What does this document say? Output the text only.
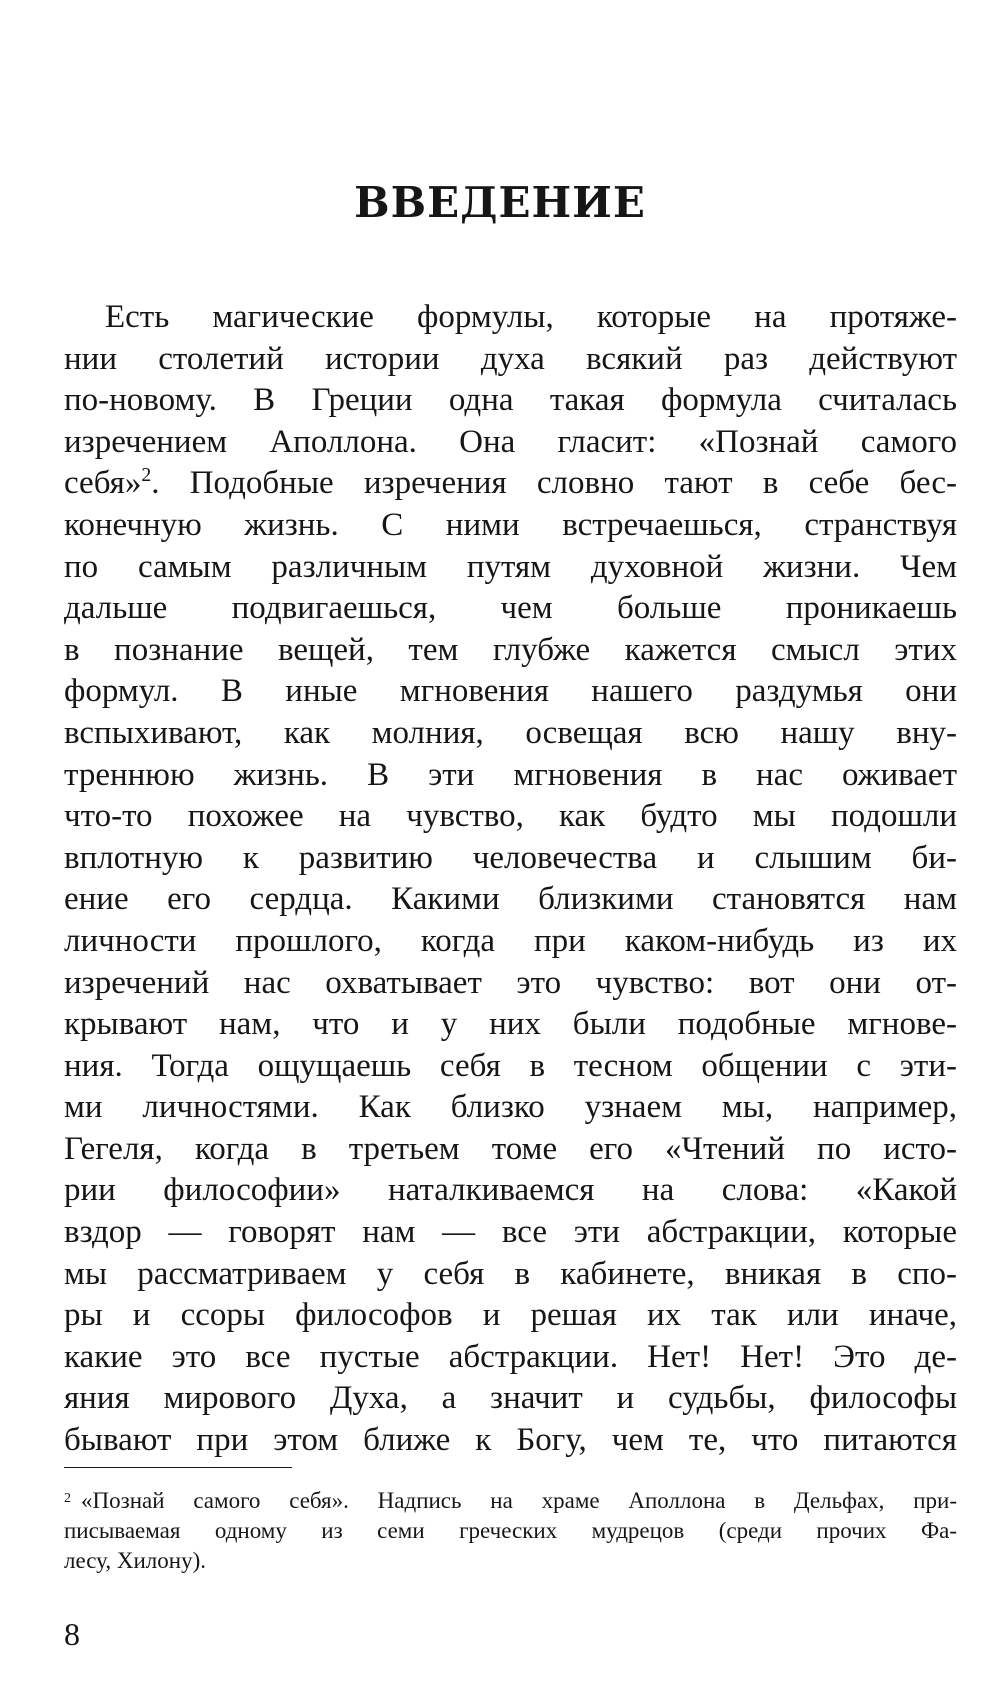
ВВЕДЕНИЕ
Есть магические формулы, которые на протяже-
нии столетий истории духа всякий раз действуют
по-новому. В Греции одна такая формула считалась
изречением Аполлона. Она гласит: «Познай самого
себя»$^2$. Подобные изречения словно тают в себе бес-
конечную жизнь. С ними встречаешься, странствуя
по самым различным путям духовной жизни. Чем
дальше подвигаешься, чем больше проникаешь
в познание вещей, тем глубже кажется смысл этих
формул. В иные мгновения нашего раздумья они
вспыхивают, как молния, освещая всю нашу вну-
треннюю жизнь. В эти мгновения в нас оживает
что-то похожее на чувство, как будто мы подошли
вплотную к развитию человечества и слышим би-
ение его сердца. Какими близкими становятся нам
личности прошлого, когда при каком-нибудь из их
изречений нас охватывает это чувство: вот они от-
крывают нам, что и у них были подобные мгнове-
ния. Тогда ощущаешь себя в тесном общении с эти-
ми личностями. Как близко узнаем мы, например,
Гегеля, когда в третьем томе его «Чтений по исто-
рии философии» наталкиваемся на слова: «Какой
вздор — говорят нам — все эти абстракции, которые
мы рассматриваем у себя в кабинете, вникая в спо-
ры и ссоры философов и решая их так или иначе,
какие это все пустые абстракции. Нет! Нет! Это де-
яния мирового Духа, а значит и судьбы, философы
бывают при этом ближе к Богу, чем те, что питаются
$^2$ «Познай самого себя». Надпись на храме Аполлона в Дельфах, при-
писываемая одному из семи греческих мудрецов (среди прочих Фа-
лесу, Хилону).
8
